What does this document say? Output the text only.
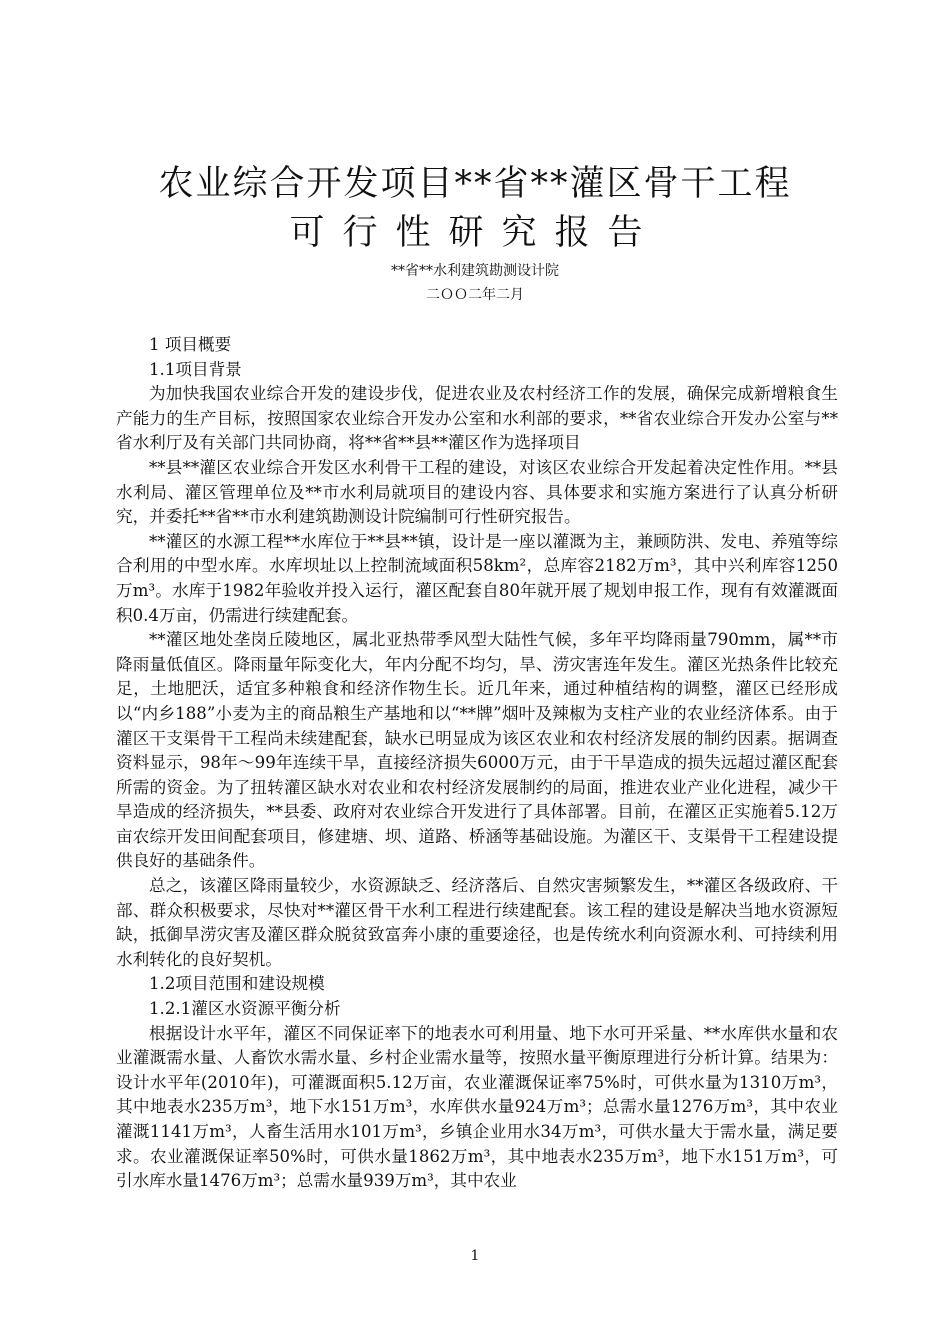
农业综合开发项目**省**灌区骨干工程
可行性研究报告
**省**水利建筑勘测设计院
二ＯＯ二年二月

1 项目概要

1.1项目背景

为加快我国农业综合开发的建设步伐，促进农业及农村经济工作的发展，确保完成新增粮食生产能力的生产目标，按照国家农业综合开发办公室和水利部的要求，**省农业综合开发办公室与**省水利厅及有关部门共同协商，将**省**县**灌区作为选择项目

**县**灌区农业综合开发区水利骨干工程的建设，对该区农业综合开发起着决定性作用。**县水利局、灌区管理单位及**市水利局就项目的建设内容、具体要求和实施方案进行了认真分析研究，并委托**省**市水利建筑勘测设计院编制可行性研究报告。

**灌区的水源工程**水库位于**县**镇，设计是一座以灌溉为主，兼顾防洪、发电、养殖等综合利用的中型水库。水库坝址以上控制流域面积58km²，总库容2182万m³，其中兴利库容1250万m³。水库于1982年验收并投入运行，灌区配套自80年就开展了规划申报工作，现有有效灌溉面积0.4万亩，仍需进行续建配套。

**灌区地处垄岗丘陵地区，属北亚热带季风型大陆性气候，多年平均降雨量790mm，属**市降雨量低值区。降雨量年际变化大，年内分配不均匀，旱、涝灾害连年发生。灌区光热条件比较充足，土地肥沃，适宜多种粮食和经济作物生长。近几年来，通过种植结构的调整，灌区已经形成以“内乡188”小麦为主的商品粮生产基地和以“**牌”烟叶及辣椒为支柱产业的农业经济体系。由于灌区干支渠骨干工程尚未续建配套，缺水已明显成为该区农业和农村经济发展的制约因素。据调查资料显示，98年～99年连续干旱，直接经济损失6000万元，由于干旱造成的损失远超过灌区配套所需的资金。为了扭转灌区缺水对农业和农村经济发展制约的局面，推进农业产业化进程，减少干旱造成的经济损失，**县委、政府对农业综合开发进行了具体部署。目前，在灌区正实施着5.12万亩农综开发田间配套项目，修建塘、坝、道路、桥涵等基础设施。为灌区干、支渠骨干工程建设提供良好的基础条件。

总之，该灌区降雨量较少，水资源缺乏、经济落后、自然灾害频繁发生，**灌区各级政府、干部、群众积极要求，尽快对**灌区骨干水利工程进行续建配套。该工程的建设是解决当地水资源短缺，抵御旱涝灾害及灌区群众脱贫致富奔小康的重要途径，也是传统水利向资源水利、可持续利用水利转化的良好契机。

1.2项目范围和建设规模

1.2.1灌区水资源平衡分析

根据设计水平年，灌区不同保证率下的地表水可利用量、地下水可开采量、**水库供水量和农业灌溉需水量、人畜饮水需水量、乡村企业需水量等，按照水量平衡原理进行分析计算。结果为：设计水平年(2010年)，可灌溉面积5.12万亩，农业灌溉保证率75%时，可供水量为1310万m³，其中地表水235万m³，地下水151万m³，水库供水量924万m³；总需水量1276万m³，其中农业灌溉1141万m³，人畜生活用水101万m³，乡镇企业用水34万m³，可供水量大于需水量，满足要求。农业灌溉保证率50%时，可供水量1862万m³，其中地表水235万m³，地下水151万m³，可引水库水量1476万m³；总需水量939万m³，其中农业

1
